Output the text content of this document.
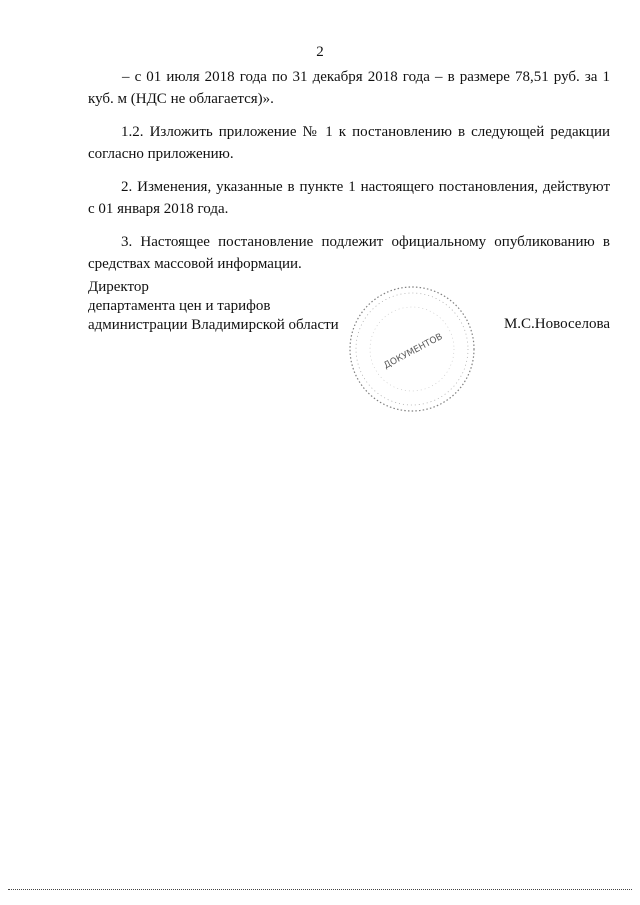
2

– с 01 июля 2018 года по 31 декабря 2018 года – в размере 78,51 руб. за 1 куб. м (НДС не облагается)».

1.2. Изложить приложение № 1 к постановлению в следующей редакции согласно приложению.

2. Изменения, указанные в пункте 1 настоящего постановления, действуют с 01 января 2018 года.

3. Настоящее постановление подлежит официальному опубликованию в средствах массовой информации.

Директор
департамента цен и тарифов
администрации Владимирской области	М.С.Новоселова
ДОКУМЕНТОВ
